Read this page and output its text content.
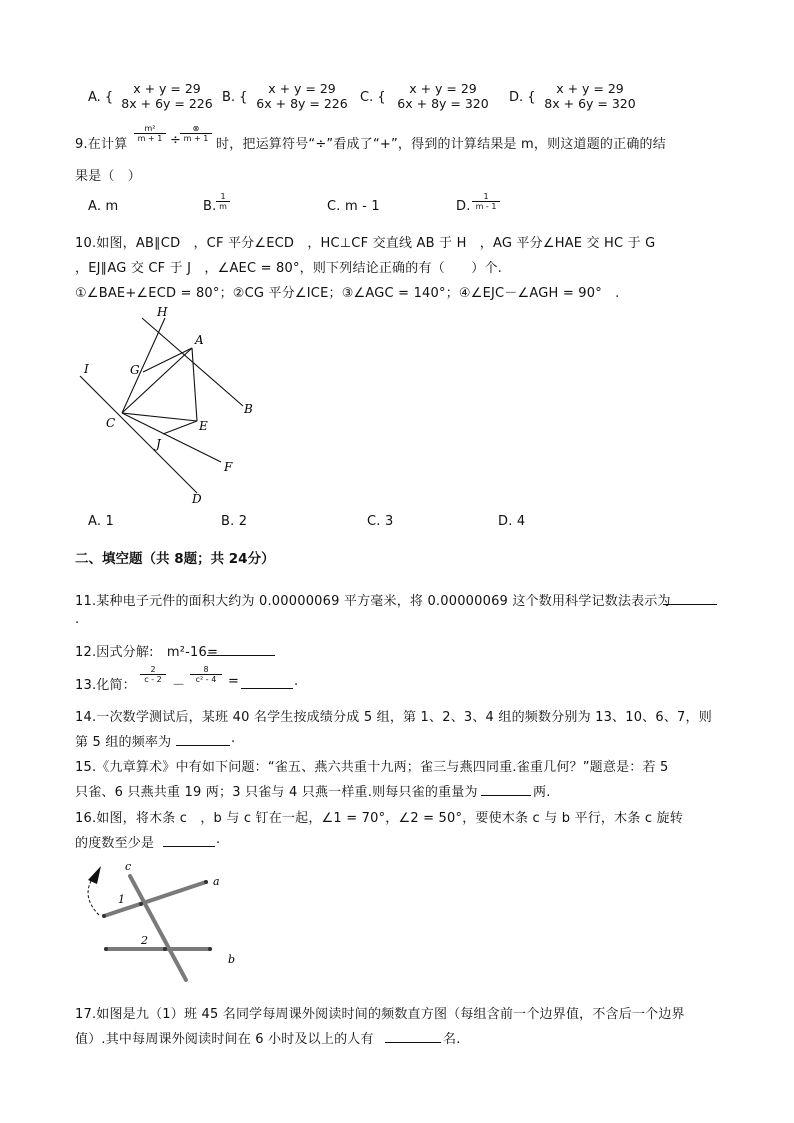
A. {
x + y = 29
8x + 6y = 226 B. {
x + y = 29
6x + 8y = 226 C. {
x + y = 29
6x + 8y = 320 D. {
x + y = 29
8x + 6y = 320
9.在计算
$\frac{\text{m²}}{m + 1}$ ÷
⊗
m + 1 时，把运算符号“÷”看成了“+”，得到的计算结果是 m，则这道题的正确的结
果是（　）
A. m	B. $\frac{1}{m}$	C. m - 1	D. $\frac{1}{m - 1}$
10.如图，AB∥CD　，CF 平分∠ECD　，HC⊥CF 交直线 AB 于 H　，AG 平分∠HAE 交 HC 于 G
，EJ∥AG 交 CF 于 J　，∠AEC = 80°，则下列结论正确的有（　　）个.
①∠BAE+∠ECD = 80°；②CG 平分∠ICE；③∠AGC = 140°；④∠EJC－∠AGH = 90°　.
H
A
G
I
B
C	E
J
F
D
A. 1	B. 2	C. 3	D. 4
二、填空题（共 8题；共 24分）
11.某种电子元件的面积大约为 0.00000069 平方毫米，将 0.00000069 这个数用科学记数法表示为
.
12.因式分解:　m²-16=
13.化简：
$\frac{2}{c - 2}$
－
$\frac{8}{\text{c² - 4}}$ =	.
14.一次数学测试后，某班 40 名学生按成绩分成 5 组，第 1、2、3、4 组的频数分别为 13、10、6、7，则
第 5 组的频率为	.
15.《九章算术》中有如下问题：“雀五、燕六共重十九两；雀三与燕四同重.雀重几何？”题意是：若 5
只雀、6 只燕共重 19 两；3 只雀与 4 只燕一样重.则每只雀的重量为	两.
16.如图，将木条 c　，b 与 c 钉在一起，∠1 = 70°，∠2 = 50°，要使木条 c 与 b 平行，木条 c 旋转
的度数至少是	.
c
a
b
1
2
17.如图是九（1）班 45 名同学每周课外阅读时间的频数直方图（每组含前一个边界值，不含后一个边界
值）.其中每周课外阅读时间在 6 小时及以上的人有	名.
